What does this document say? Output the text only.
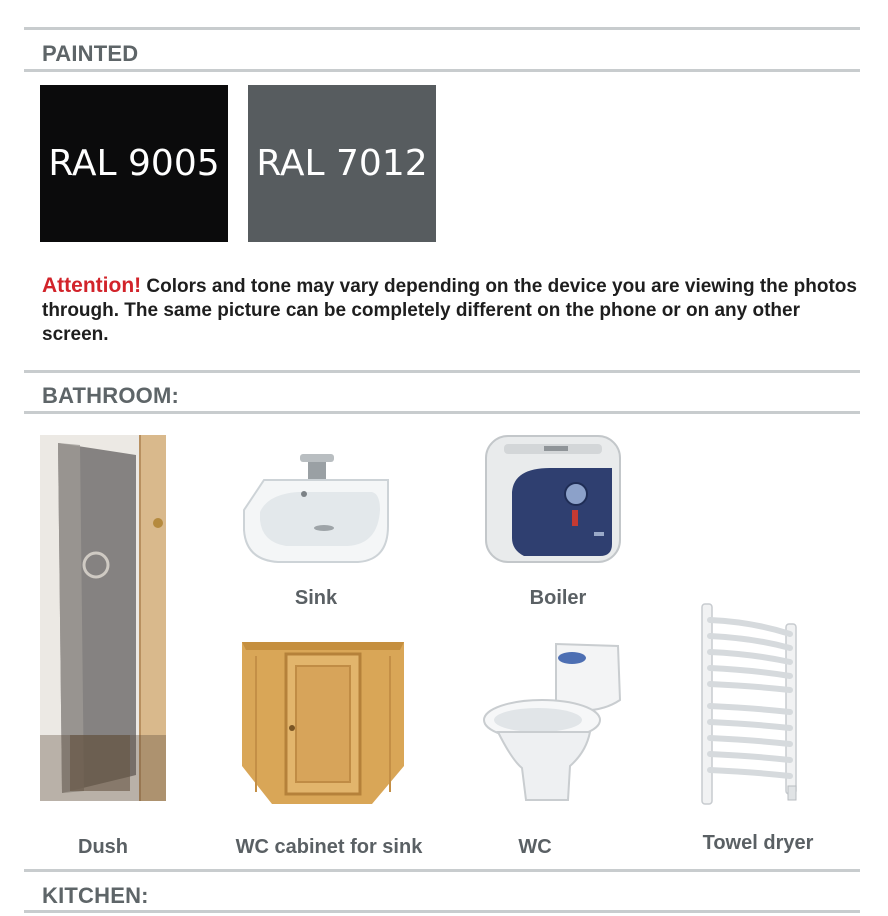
PAINTED
RAL 9005 RAL 7012
Attention! Colors and tone may vary depending on the device you are viewing the photos through. The same picture can be completely different on the phone or on any other screen.
BATHROOM:
Dush
Sink	Boiler
WC cabinet for sink	WC	Towel dryer
KITCHEN:
